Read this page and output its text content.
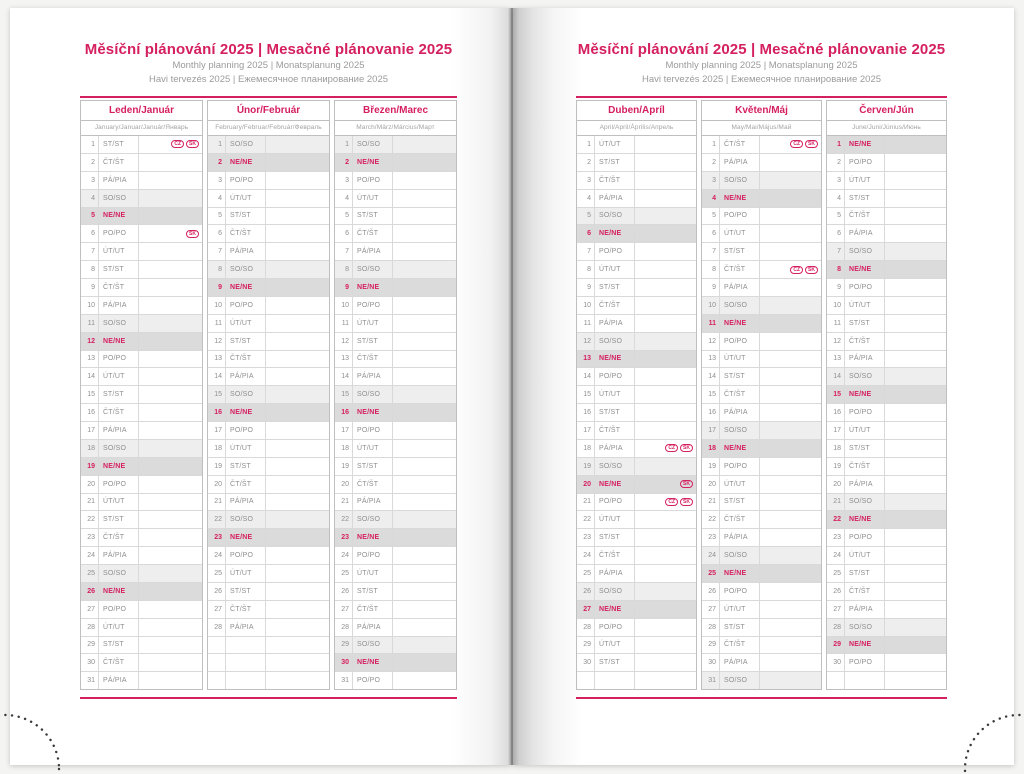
Měsíční plánování 2025 | Mesačné plánovanie 2025
Monthly planning 2025 | Monatsplanung 2025
Havi tervezés 2025 | Ежемесячное планирование 2025
Leden/Január
January/Januar/Január/Январь
1	ST/ST	CZ	SK
2	ČT/ŠT
3	PÁ/PIA
4	SO/SO
5	NE/NE
6	PO/PO	SK
7	ÚT/UT
8	ST/ST
9	ČT/ŠT
10	PÁ/PIA
11	SO/SO
12	NE/NE
13	PO/PO
14	ÚT/UT
15	ST/ST
16	ČT/ŠT
17	PÁ/PIA
18	SO/SO
19	NE/NE
20	PO/PO
21	ÚT/UT
22	ST/ST
23	ČT/ŠT
24	PÁ/PIA
25	SO/SO
26	NE/NE
27	PO/PO
28	ÚT/UT
29	ST/ST
30	ČT/ŠT
31	PÁ/PIA
Únor/Február
February/Februar/Február/Февраль
1	SO/SO
2	NE/NE
3	PO/PO
4	ÚT/UT
5	ST/ST
6	ČT/ŠT
7	PÁ/PIA
8	SO/SO
9	NE/NE
10	PO/PO
11	ÚT/UT
12	ST/ST
13	ČT/ŠT
14	PÁ/PIA
15	SO/SO
16	NE/NE
17	PO/PO
18	ÚT/UT
19	ST/ST
20	ČT/ŠT
21	PÁ/PIA
22	SO/SO
23	NE/NE
24	PO/PO
25	ÚT/UT
26	ST/ST
27	ČT/ŠT
28	PÁ/PIA
Březen/Marec
March/März/Március/Март
1	SO/SO
2	NE/NE
3	PO/PO
4	ÚT/UT
5	ST/ST
6	ČT/ŠT
7	PÁ/PIA
8	SO/SO
9	NE/NE
10	PO/PO
11	ÚT/UT
12	ST/ST
13	ČT/ŠT
14	PÁ/PIA
15	SO/SO
16	NE/NE
17	PO/PO
18	ÚT/UT
19	ST/ST
20	ČT/ŠT
21	PÁ/PIA
22	SO/SO
23	NE/NE
24	PO/PO
25	ÚT/UT
26	ST/ST
27	ČT/ŠT
28	PÁ/PIA
29	SO/SO
30	NE/NE
31	PO/PO
Měsíční plánování 2025 | Mesačné plánovanie 2025
Monthly planning 2025 | Monatsplanung 2025
Havi tervezés 2025 | Ежемесячное планирование 2025
Duben/Apríl
April/April/Április/Апрель
1	ÚT/UT
2	ST/ST
3	ČT/ŠT
4	PÁ/PIA
5	SO/SO
6	NE/NE
7	PO/PO
8	ÚT/UT
9	ST/ST
10	ČT/ŠT
11	PÁ/PIA
12	SO/SO
13	NE/NE
14	PO/PO
15	ÚT/UT
16	ST/ST
17	ČT/ŠT
18	PÁ/PIA	CZ	SK
19	SO/SO
20	NE/NE	SK
21	PO/PO	CZ	SK
22	ÚT/UT
23	ST/ST
24	ČT/ŠT
25	PÁ/PIA
26	SO/SO
27	NE/NE
28	PO/PO
29	ÚT/UT
30	ST/ST
Květen/Máj
May/Mai/Május/Май
1	ČT/ŠT	CZ	SK
2	PÁ/PIA
3	SO/SO
4	NE/NE
5	PO/PO
6	ÚT/UT
7	ST/ST
8	ČT/ŠT	CZ	SK
9	PÁ/PIA
10	SO/SO
11	NE/NE
12	PO/PO
13	ÚT/UT
14	ST/ST
15	ČT/ŠT
16	PÁ/PIA
17	SO/SO
18	NE/NE
19	PO/PO
20	ÚT/UT
21	ST/ST
22	ČT/ŠT
23	PÁ/PIA
24	SO/SO
25	NE/NE
26	PO/PO
27	ÚT/UT
28	ST/ST
29	ČT/ŠT
30	PÁ/PIA
31	SO/SO
Červen/Jún
June/Juni/Június/Июнь
1	NE/NE
2	PO/PO
3	ÚT/UT
4	ST/ST
5	ČT/ŠT
6	PÁ/PIA
7	SO/SO
8	NE/NE
9	PO/PO
10	ÚT/UT
11	ST/ST
12	ČT/ŠT
13	PÁ/PIA
14	SO/SO
15	NE/NE
16	PO/PO
17	ÚT/UT
18	ST/ST
19	ČT/ŠT
20	PÁ/PIA
21	SO/SO
22	NE/NE
23	PO/PO
24	ÚT/UT
25	ST/ST
26	ČT/ŠT
27	PÁ/PIA
28	SO/SO
29	NE/NE
30	PO/PO
